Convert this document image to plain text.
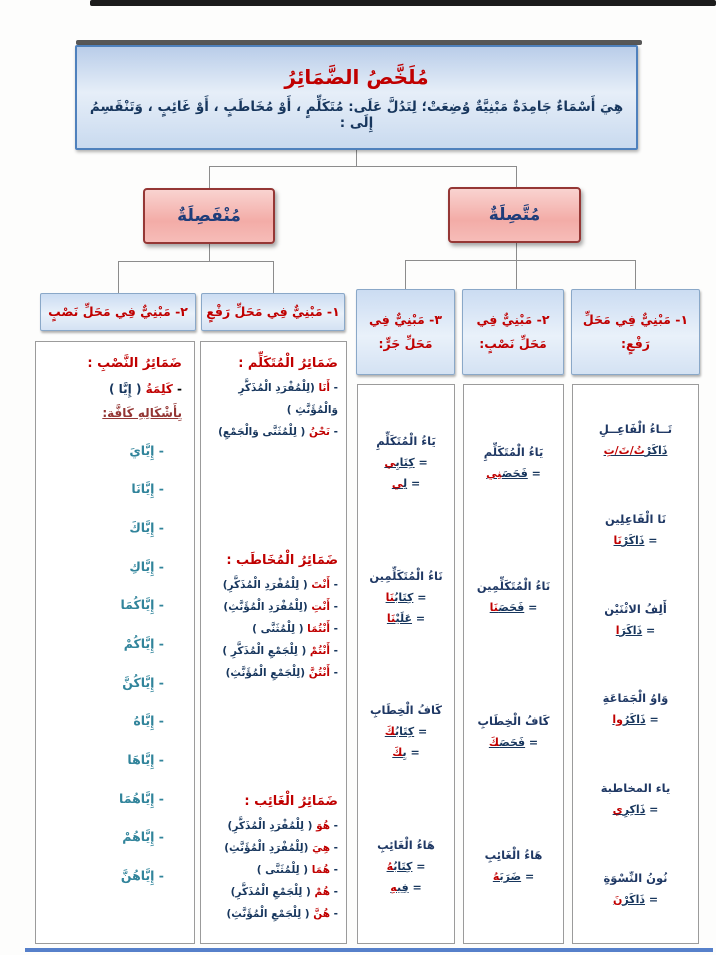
مُلَخَّصُ الضَّمَائِرُ
هِيَ أَسْمَاءٌ جَامِدَةٌ مَبْنِيَّةٌ وُضِعَتْ؛ لِتَدُلَّ عَلَى: مُتَكَلِّمٍ ، أَوْ مُخَاطَبٍ ، أَوْ غَائِبٍ ، وَتَنْقَسِمُ إِلَى :
مُنْفَصِلَةٌ	مُتَّصِلَةٌ
٢- مَبْنِيٌّ فِي مَحَلِّ نَصْبٍ	١- مَبْنِيٌّ فِي مَحَلِّ رَفْعٍ
٣- مَبْنِيٌّ فِي مَحَلِّ جَرٍّ:
٢- مَبْنِيٌّ فِي مَحَلِّ نَصْبٍ:
١- مَبْنِيٌّ فِي مَحَلِّ رَفْعٍ:
ضَمَائِرُ النَّصْبِ :
- كَلِمَةُ ( إِيَّا )
بِأَشْكَالِهِ كَافَّة:
- إِيَّايَ
- إِيَّانَا
- إِيَّاكَ
- إِيَّاكِ
- إِيَّاكُمَا
- إِيَّاكُمْ
- إِيَّاكُنَّ
- إِيَّاهُ
- إِيَّاهَا
- إِيَّاهُمَا
- إِيَّاهُمْ
- إِيَّاهُنَّ
ضَمَائِرُ الْمُتَكَلِّم :
- أَنَا (لِلْمُفْرَدِ الْمُذَكَّرِ وَالْمُؤَنَّثِ )
- نَحْنُ ( لِلْمُثَنَّى وَالْجَمْعِ)
ضَمَائِرُ الْمُخَاطَب :
- أَنْتَ ( لِلْمُفْرَدِ الْمُذَكَّرِ)
- أَنْتِ (لِلْمُفْرَدِ الْمُؤَنَّثِ)
- أَنْتُمَا ( لِلْمُثَنَّى )
- أَنْتُمْ ( لِلْجَمْعِ الْمُذَكَّرِ )
- أَنْتُنَّ (لِلْجَمْعِ الْمُؤَنَّثِ)
ضَمَائِرُ الْغَائِب :
- هُوَ ( لِلْمُفْرَدِ الْمُذَكَّرِ)
- هِيَ (لِلْمُفْرَدِ الْمُؤَنَّثِ)
- هُمَا ( لِلْمُثَنَّى )
- هُمْ ( لِلْجَمْعِ الْمُذَكَّرِ)
- هُنَّ ( لِلْجَمْعِ الْمُؤَنَّثِ)
يَاءُ الْمُتَكَلِّمِ
= كِتَابِي
= لِي
نَاءُ الْمُتَكَلِّمِين
= كِتَابُنَا
= عَلَيْنَا
كَافُ الْخِطَابِ
= كِتَابُكَ
= بِكَ
هَاءُ الْغَائِبِ
= كِتَابُهُ
= فِيهِ
يَاءُ الْمُتَكَلِّمِ
= فَحَصَنِي
نَاءُ الْمُتَكَلِّمِين
= فَحَصَنَا
كَافُ الْخِطَابِ
= فَحَصَكَ
هَاءُ الْغَائِبِ
= ضَرَبَهُ
تَــاءُ الْفَاعِــلِ
ذَاكَرْتُ/تَ/تِ
نَا الْفَاعِلِين
= ذَاكَرْنَا
أَلِفُ الاثْنَيْن
= ذَاكَرَا
وَاوُ الْجَمَاعَةِ
= ذَاكَرُوا
ياء المخاطبة
= ذَاكِرِي
نُونُ النِّسْوَةِ
= ذَاكَرْنَ
